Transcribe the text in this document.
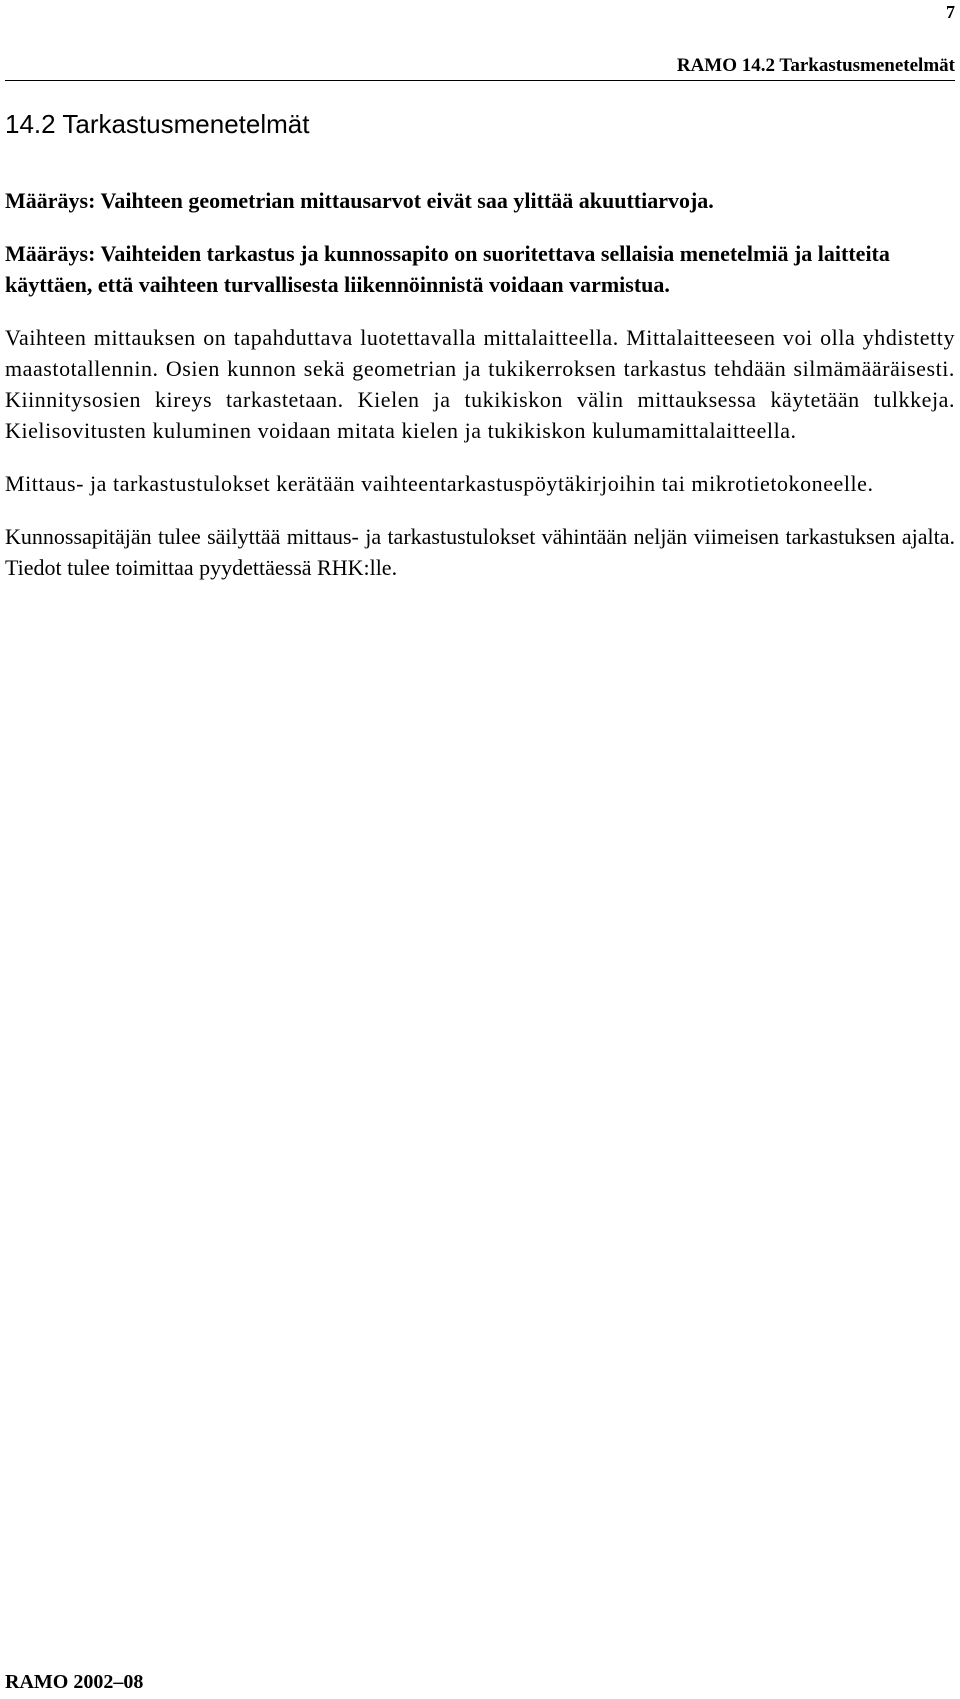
7
RAMO 14.2 Tarkastusmenetelmät
14.2 Tarkastusmenetelmät

Määräys: Vaihteen geometrian mittausarvot eivät saa ylittää akuuttiarvoja.

Määräys: Vaihteiden tarkastus ja kunnossapito on suoritettava sellaisia menetelmiä ja laitteita käyttäen, että vaihteen turvallisesta liikennöinnistä voidaan varmistua.

Vaihteen mittauksen on tapahduttava luotettavalla mittalaitteella. Mittalaitteeseen voi olla yhdistetty maastotallennin. Osien kunnon sekä geometrian ja tukikerroksen tarkastus tehdään silmämääräisesti. Kiinnitysosien kireys tarkastetaan. Kielen ja tukikiskon välin mittauksessa käytetään tulkkeja. Kielisovitusten kuluminen voidaan mitata kielen ja tukikiskon kulumamittalaitteella.

Mittaus- ja tarkastustulokset kerätään vaihteentarkastuspöytäkirjoihin tai mikrotietokoneelle.

Kunnossapitäjän tulee säilyttää mittaus- ja tarkastustulokset vähintään neljän viimeisen tarkastuksen ajalta. Tiedot tulee toimittaa pyydettäessä RHK:lle.

RAMO 2002–08
